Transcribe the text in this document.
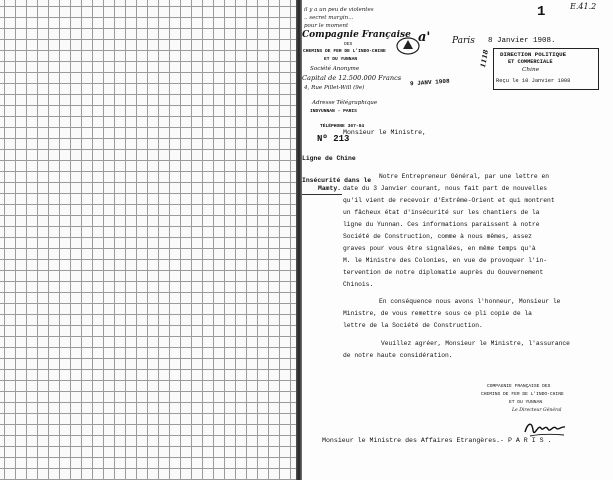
E.41.2
1
il y a un peu de violentes
.. secret margin...
pour le moment
Compagnie Française
DES
CHEMINS DE FER DE L'INDO-CHINE
ET DU YUNNAN
Société Anonyme
Capital de 12.500.000 Francs
4, Rue Pillet-Will (9e)
Adresse Télégraphique
INDYUNNAN - PARIS
TÉLÉPHONE 307-04
Nº 213
a' Paris 8 Janvier 1908.
DIRECTION POLITIQUE
ET COMMERCIALE
Chine
1118
Reçu le 10 Janvier 1908
9 JANV 1908
Ligne de Chine
Insécurité dans le
Mamty.
Monsieur le Ministre,
Notre Entrepreneur Général, par une lettre en
date du 3 Janvier courant, nous fait part de nouvelles
qu'il vient de recevoir d'Extrême-Orient et qui montrent
un fâcheux état d'insécurité sur les chantiers de la
ligne du Yunnan. Ces informations paraissent à notre
Société de Construction, comme à nous mêmes, assez
graves pour vous être signalées, en même temps qu'à
M. le Ministre des Colonies, en vue de provoquer l'in-
tervention de notre diplomatie auprès du Gouvernement
Chinois.
En conséquence nous avons l'honneur, Monsieur le
Ministre, de vous remettre sous ce pli copie de la
lettre de la Société de Construction.
Veuillez agréer, Monsieur le Ministre, l'assurance
de notre haute considération.
COMPAGNIE FRANÇAISE DES
CHEMINS DE FER DE L'INDO-CHINE
ET DU YUNNAN
Le Directeur Général
Monsieur le Ministre des Affaires Etrangères.- P A R I S .
